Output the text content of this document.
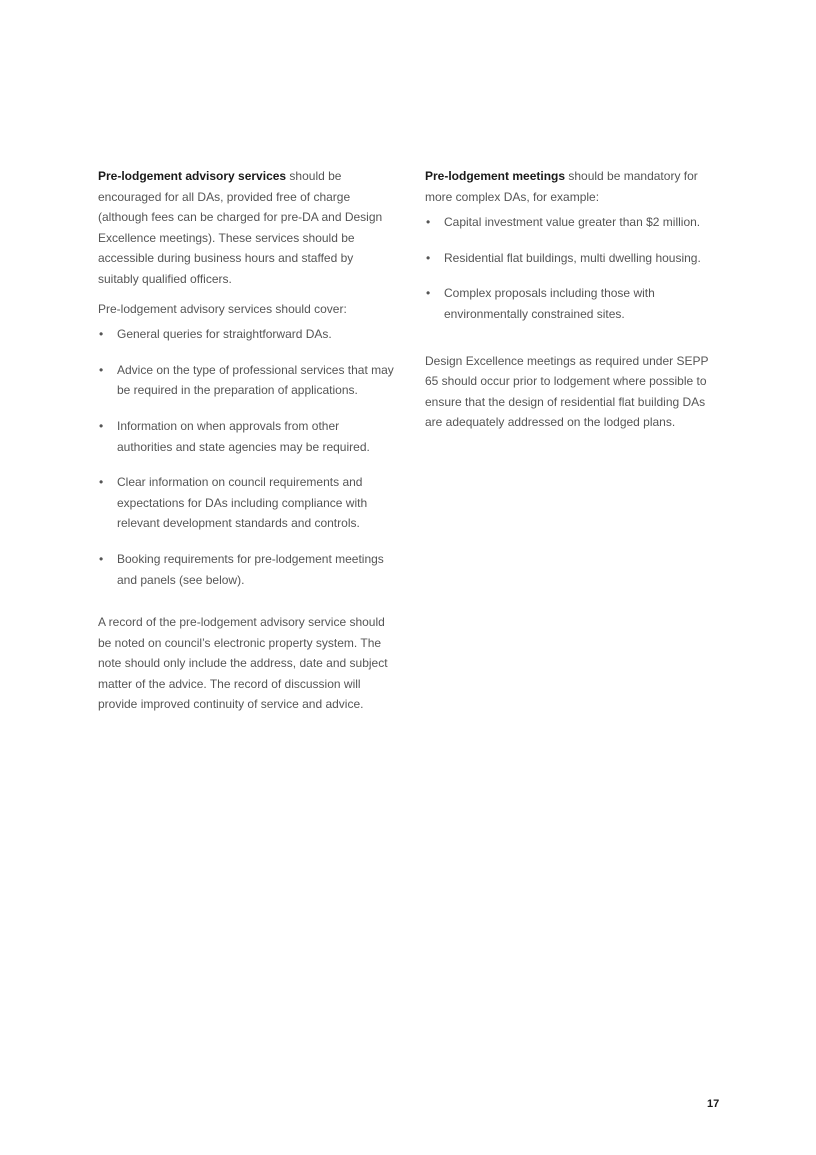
Pre-lodgement advisory services should be encouraged for all DAs, provided free of charge (although fees can be charged for pre-DA and Design Excellence meetings). These services should be accessible during business hours and staffed by suitably qualified officers.

Pre-lodgement advisory services should cover:

• General queries for straightforward DAs.
• Advice on the type of professional services that may be required in the preparation of applications.
• Information on when approvals from other authorities and state agencies may be required.
• Clear information on council requirements and expectations for DAs including compliance with relevant development standards and controls.
• Booking requirements for pre-lodgement meetings and panels (see below).

A record of the pre-lodgement advisory service should be noted on council’s electronic property system. The note should only include the address, date and subject matter of the advice. The record of discussion will provide improved continuity of service and advice.

Pre-lodgement meetings should be mandatory for more complex DAs, for example:

• Capital investment value greater than $2 million.
• Residential flat buildings, multi dwelling housing.
• Complex proposals including those with environmentally constrained sites.

Design Excellence meetings as required under SEPP 65 should occur prior to lodgement where possible to ensure that the design of residential flat building DAs are adequately addressed on the lodged plans.

17
